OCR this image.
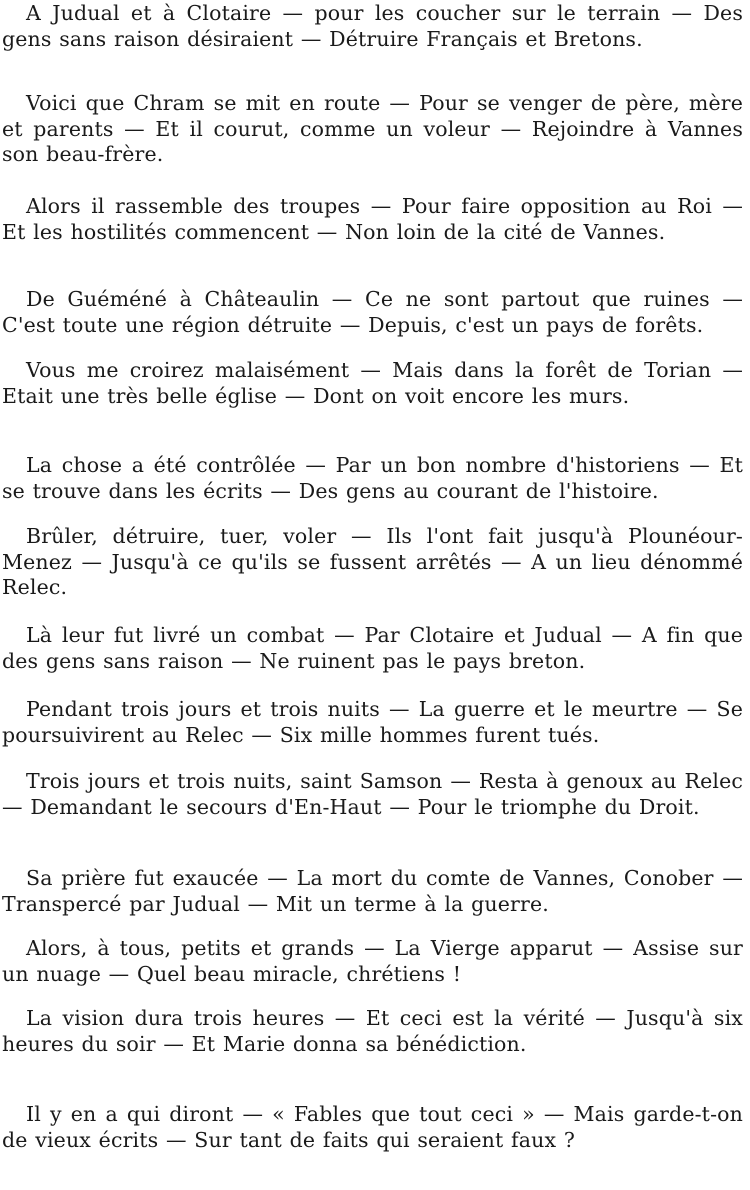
A Judual et à Clotaire — pour les coucher sur le terrain — Des gens sans raison désiraient — Détruire Français et Bretons.

Voici que Chram se mit en route — Pour se venger de père, mère et parents — Et il courut, comme un voleur — Rejoindre à Vannes son beau-frère.

Alors il rassemble des troupes — Pour faire opposition au Roi — Et les hostilités commencent — Non loin de la cité de Vannes.

De Guéméné à Châteaulin — Ce ne sont partout que ruines — C'est toute une région détruite — Depuis, c'est un pays de forêts.

Vous me croirez malaisément — Mais dans la forêt de Torian — Etait une très belle église — Dont on voit encore les murs.

La chose a été contrôlée — Par un bon nombre d'historiens — Et se trouve dans les écrits — Des gens au courant de l'histoire.

Brûler, détruire, tuer, voler — Ils l'ont fait jusqu'à Plounéour-Menez — Jusqu'à ce qu'ils se fussent arrêtés — A un lieu dénommé Relec.

Là leur fut livré un combat — Par Clotaire et Judual — A fin que des gens sans raison — Ne ruinent pas le pays breton.

Pendant trois jours et trois nuits — La guerre et le meurtre — Se poursuivirent au Relec — Six mille hommes furent tués.

Trois jours et trois nuits, saint Samson — Resta à genoux au Relec — Demandant le secours d'En-Haut — Pour le triomphe du Droit.

Sa prière fut exaucée — La mort du comte de Vannes, Conober — Transpercé par Judual — Mit un terme à la guerre.

Alors, à tous, petits et grands — La Vierge apparut — Assise sur un nuage — Quel beau miracle, chrétiens !

La vision dura trois heures — Et ceci est la vérité — Jusqu'à six heures du soir — Et Marie donna sa bénédiction.

Il y en a qui diront — « Fables que tout ceci » — Mais garde-t-on de vieux écrits — Sur tant de faits qui seraient faux ?
